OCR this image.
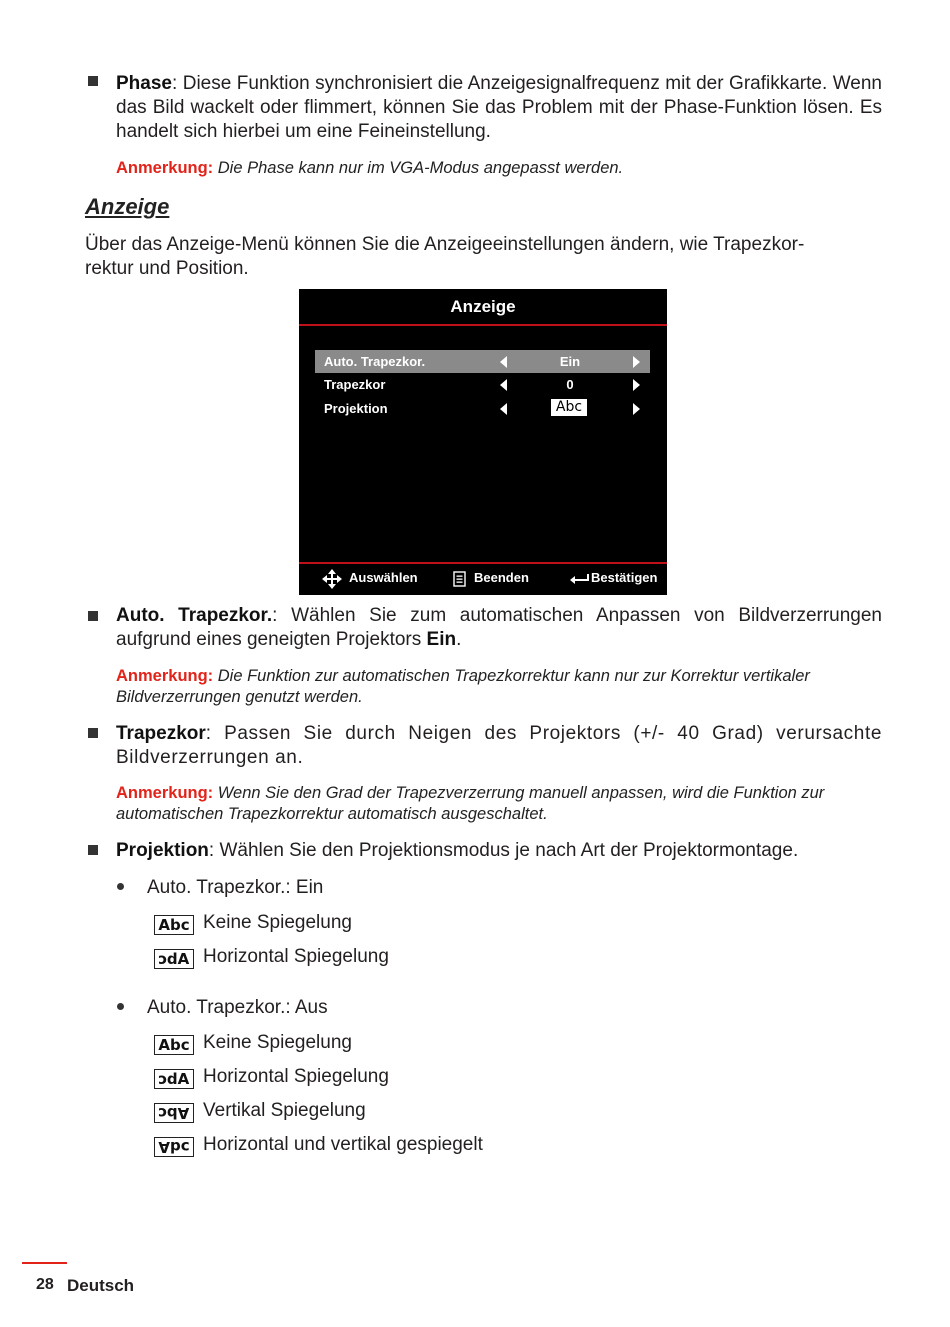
Phase: Diese Funktion synchronisiert die Anzeigesignalfrequenz mit der Grafikkarte. Wenn das Bild wackelt oder flimmert, können Sie das Problem mit der Phase-Funktion lösen. Es handelt sich hierbei um eine Feineinstellung.
Anmerkung: Die Phase kann nur im VGA-Modus angepasst werden.
Anzeige
Über das Anzeige-Menü können Sie die Anzeigeeinstellungen ändern, wie Trapezkor-
rektur und Position.
Anzeige
Auto. Trapezkor.	Ein
Trapezkor	0
Projektion	Abc
Auswählen	Beenden	Bestätigen
Auto. Trapezkor.: Wählen Sie zum automatischen Anpassen von Bildverzerrungen aufgrund eines geneigten Projektors Ein.
Anmerkung: Die Funktion zur automatischen Trapezkorrektur kann nur zur Korrektur vertikaler Bildverzerrungen genutzt werden.
Trapezkor: Passen Sie durch Neigen des Projektors (+/- 40 Grad) verursachte Bildverzerrungen an.
Anmerkung: Wenn Sie den Grad der Trapezverzerrung manuell anpassen, wird die Funktion zur automatischen Trapezkorrektur automatisch ausgeschaltet.
Projektion: Wählen Sie den Projektionsmodus je nach Art der Projektormontage.
Auto. Trapezkor.: Ein
Abc Keine Spiegelung
Abc Horizontal Spiegelung
Auto. Trapezkor.: Aus
Abc Keine Spiegelung
Abc Horizontal Spiegelung
Abc Vertikal Spiegelung
Abc Horizontal und vertikal gespiegelt
28 Deutsch
